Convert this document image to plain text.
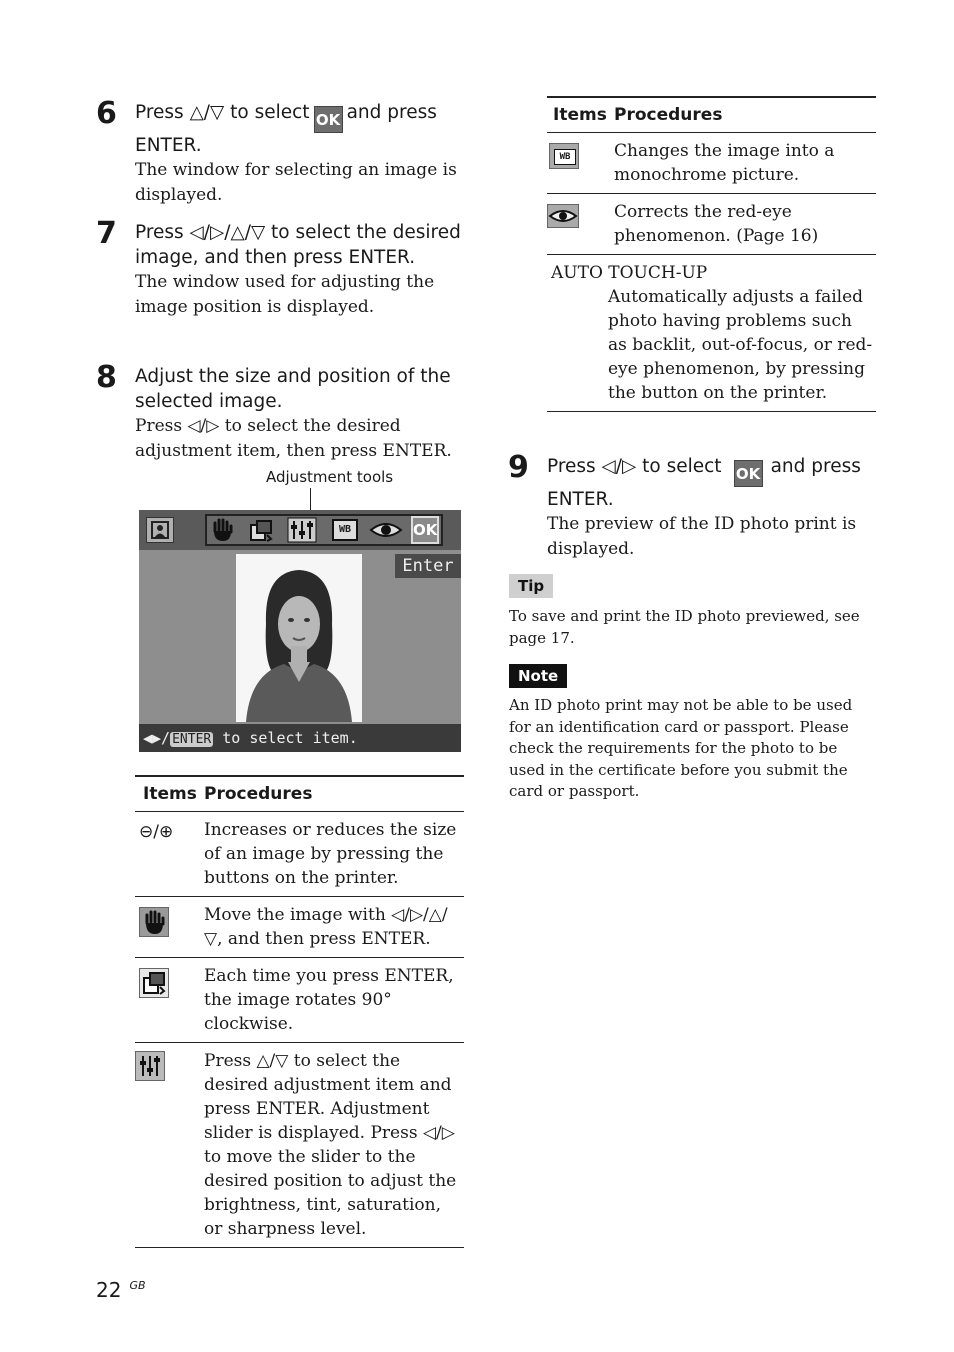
6 Press △/▽ to select OK and press ENTER.

The window for selecting an image is displayed.

7 Press ◁/▷/△/▽ to select the desired image, and then press ENTER.

The window used for adjusting the image position is displayed.

8 Adjust the size and position of the selected image.

Press ◁/▷ to select the desired adjustment item, then press ENTER.

Adjustment tools
WB	OK
Enter
◀▶/ ENTER to select item.
Items	Procedures
⊖/⊕	Increases or reduces the size of an image by pressing the buttons on the printer.
	Move the image with ◁/▷/△/▽, and then press ENTER.
	Each time you press ENTER, the image rotates 90° clockwise.
	Press △/▽ to select the desired adjustment item and press ENTER. Adjustment slider is displayed. Press ◁/▷ to move the slider to the desired position to adjust the brightness, tint, saturation, or sharpness level.
Items	Procedures

WB	Changes the image into a monochrome picture.
	Corrects the red-eye phenomenon. (Page 16)

AUTO TOUCH-UP
Automatically adjusts a failed photo having problems such as backlit, out-of-focus, or red-eye phenomenon, by pressing the button on the printer.	
9 Press ◁/▷ to select OK and press ENTER.

The preview of the ID photo print is displayed.

Tip

To save and print the ID photo previewed, see page 17.

Note

An ID photo print may not be able to be used for an identification card or passport. Please check the requirements for the photo to be used in the certificate before you submit the card or passport.

22 $^{GB}$
